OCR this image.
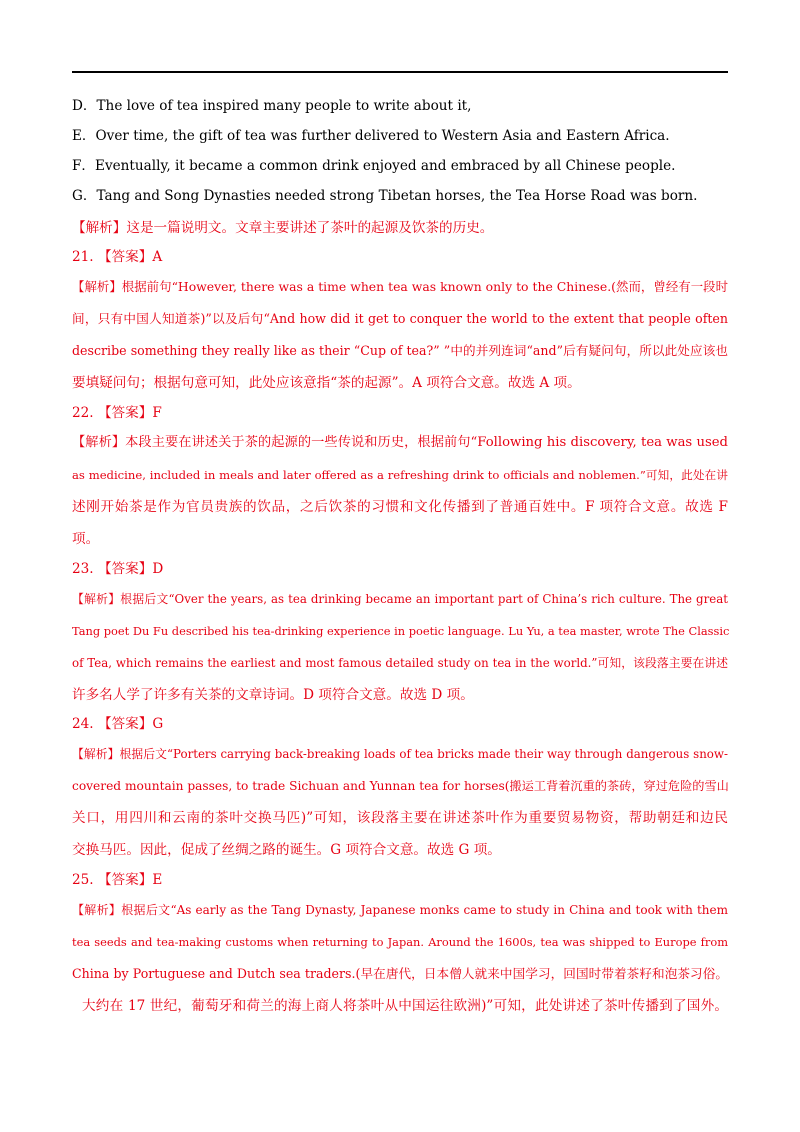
D．The love of tea inspired many people to write about it,
E．Over time, the gift of tea was further delivered to Western Asia and Eastern Africa.
F．Eventually, it became a common drink enjoyed and embraced by all Chinese people.
G．Tang and Song Dynasties needed strong Tibetan horses, the Tea Horse Road was born.
【解析】这是一篇说明文。文章主要讲述了茶叶的起源及饮茶的历史。
21. 【答案】A
【解析】根据前句“However, there was a time when tea was known only to the Chinese.(然而，曾经有一段时
间，只有中国人知道茶)”以及后句“And how did it get to conquer the world to the extent that people often
describe something they really like as their “Cup of tea?” ”中的并列连词“and”后有疑问句，所以此处应该也
要填疑问句；根据句意可知，此处应该意指“茶的起源”。A 项符合文意。故选 A 项。
22. 【答案】F
【解析】本段主要在讲述关于茶的起源的一些传说和历史，根据前句“Following his discovery, tea was used
as medicine, included in meals and later offered as a refreshing drink to officials and noblemen.”可知，此处在讲
述刚开始茶是作为官员贵族的饮品，之后饮茶的习惯和文化传播到了普通百姓中。F 项符合文意。故选 F
项。
23. 【答案】D
【解析】根据后文“Over the years, as tea drinking became an important part of China’s rich culture. The great
Tang poet Du Fu described his tea-drinking experience in poetic language. Lu Yu, a tea master, wrote The Classic
of Tea, which remains the earliest and most famous detailed study on tea in the world.”可知，该段落主要在讲述
许多名人学了许多有关茶的文章诗词。D 项符合文意。故选 D 项。
24. 【答案】G
【解析】根据后文“Porters carrying back-breaking loads of tea bricks made their way through dangerous snow-
covered mountain passes, to trade Sichuan and Yunnan tea for horses(搬运工背着沉重的茶砖，穿过危险的雪山
关口，用四川和云南的茶叶交换马匹)”可知，该段落主要在讲述茶叶作为重要贸易物资，帮助朝廷和边民
交换马匹。因此，促成了丝绸之路的诞生。G 项符合文意。故选 G 项。
25. 【答案】E
【解析】根据后文“As early as the Tang Dynasty, Japanese monks came to study in China and took with them
tea seeds and tea-making customs when returning to Japan. Around the 1600s, tea was shipped to Europe from
China by Portuguese and Dutch sea traders.(早在唐代，日本僧人就来中国学习，回国时带着茶籽和泡茶习俗。
大约在 17 世纪，葡萄牙和荷兰的海上商人将茶叶从中国运往欧洲)”可知，此处讲述了茶叶传播到了国外。
